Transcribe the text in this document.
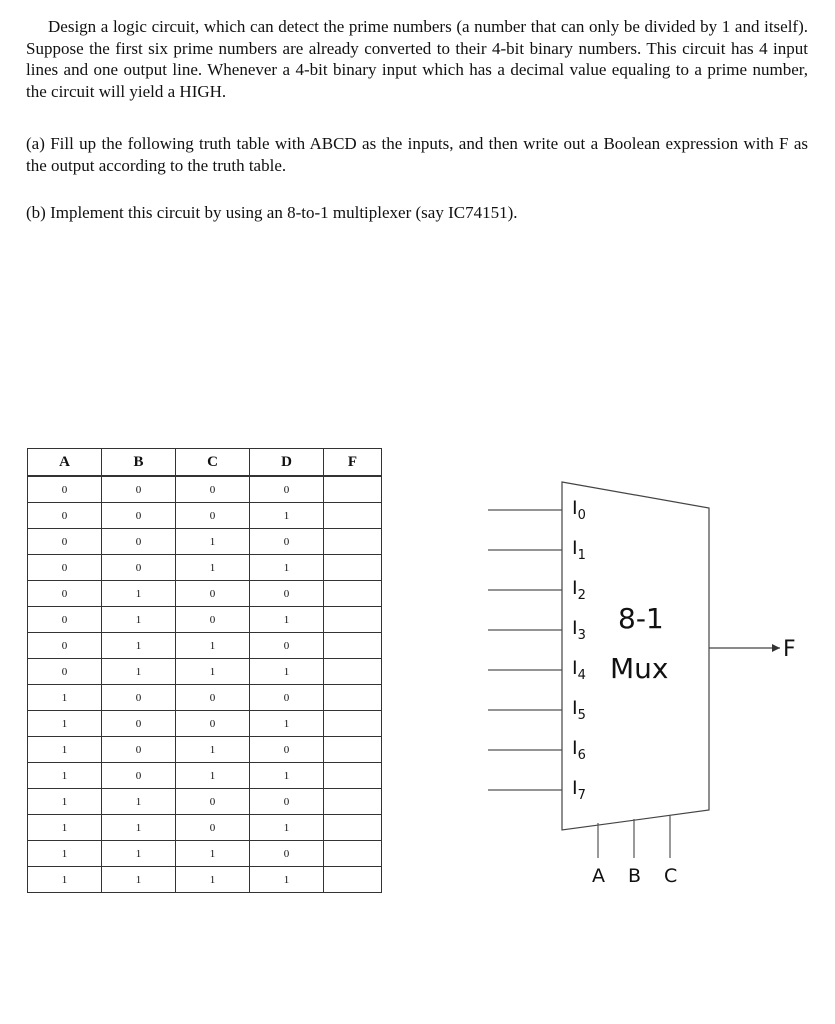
Design a logic circuit, which can detect the prime numbers (a number that can only be divided by 1 and itself). Suppose the first six prime numbers are already converted to their 4-bit binary numbers. This circuit has 4 input lines and one output line. Whenever a 4-bit binary input which has a decimal value equaling to a prime number, the circuit will yield a HIGH.

(a) Fill up the following truth table with ABCD as the inputs, and then write out a Boolean expression with F as the output according to the truth table.

(b) Implement this circuit by using an 8-to-1 multiplexer (say IC74151).

A	B	C	D	F
0	0	0	0	
0	0	0	1	
0	0	1	0	
0	0	1	1	
0	1	0	0	
0	1	0	1	
0	1	1	0	
0	1	1	1	
1	0	0	0	
1	0	0	1	
1	0	1	0	
1	0	1	1	
1	1	0	0	
1	1	0	1	
1	1	1	0	
1	1	1	1	
$I_0$
$I_1$
$I_2$
$I_3$
$I_4$
$I_5$
$I_6$
$I_7$
8-1
Mux
F
A B C
